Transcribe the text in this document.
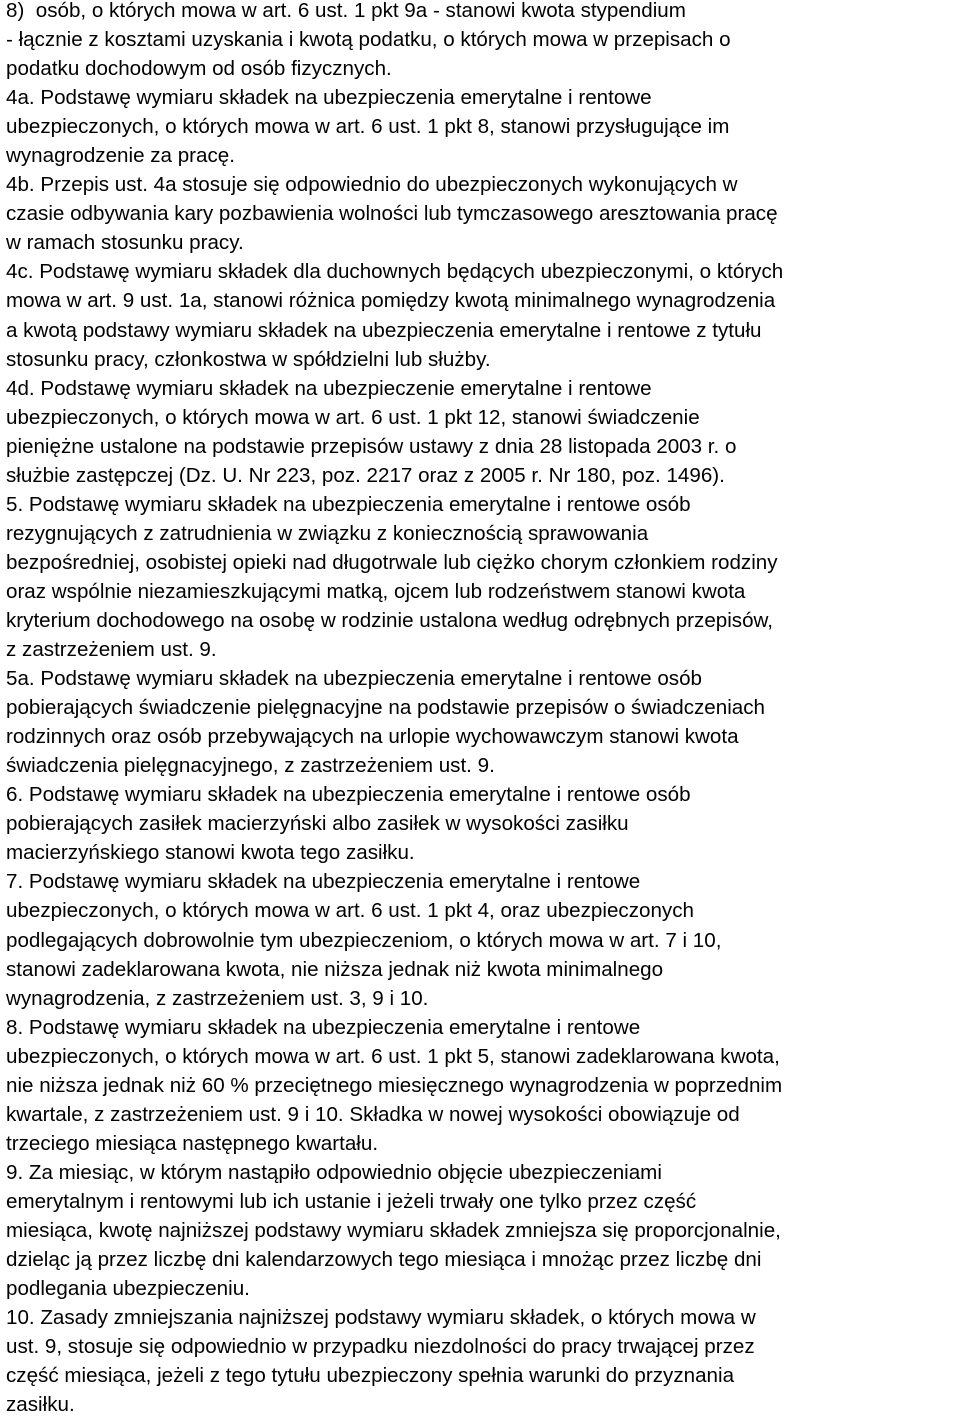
8)  osób, o których mowa w art. 6 ust. 1 pkt 9a - stanowi kwota stypendium
- łącznie z kosztami uzyskania i kwotą podatku, o których mowa w przepisach o
podatku dochodowym od osób fizycznych.
4a. Podstawę wymiaru składek na ubezpieczenia emerytalne i rentowe
ubezpieczonych, o których mowa w art. 6 ust. 1 pkt 8, stanowi przysługujące im
wynagrodzenie za pracę.
4b. Przepis ust. 4a stosuje się odpowiednio do ubezpieczonych wykonujących w
czasie odbywania kary pozbawienia wolności lub tymczasowego aresztowania pracę
w ramach stosunku pracy.
4c. Podstawę wymiaru składek dla duchownych będących ubezpieczonymi, o których
mowa w art. 9 ust. 1a, stanowi różnica pomiędzy kwotą minimalnego wynagrodzenia
a kwotą podstawy wymiaru składek na ubezpieczenia emerytalne i rentowe z tytułu
stosunku pracy, członkostwa w spółdzielni lub służby.
4d. Podstawę wymiaru składek na ubezpieczenie emerytalne i rentowe
ubezpieczonych, o których mowa w art. 6 ust. 1 pkt 12, stanowi świadczenie
pieniężne ustalone na podstawie przepisów ustawy z dnia 28 listopada 2003 r. o
służbie zastępczej (Dz. U. Nr 223, poz. 2217 oraz z 2005 r. Nr 180, poz. 1496).
5. Podstawę wymiaru składek na ubezpieczenia emerytalne i rentowe osób
rezygnujących z zatrudnienia w związku z koniecznością sprawowania
bezpośredniej, osobistej opieki nad długotrwale lub ciężko chorym członkiem rodziny
oraz wspólnie niezamieszkującymi matką, ojcem lub rodzeństwem stanowi kwota
kryterium dochodowego na osobę w rodzinie ustalona według odrębnych przepisów,
z zastrzeżeniem ust. 9.
5a. Podstawę wymiaru składek na ubezpieczenia emerytalne i rentowe osób
pobierających świadczenie pielęgnacyjne na podstawie przepisów o świadczeniach
rodzinnych oraz osób przebywających na urlopie wychowawczym stanowi kwota
świadczenia pielęgnacyjnego, z zastrzeżeniem ust. 9.
6. Podstawę wymiaru składek na ubezpieczenia emerytalne i rentowe osób
pobierających zasiłek macierzyński albo zasiłek w wysokości zasiłku
macierzyńskiego stanowi kwota tego zasiłku.
7. Podstawę wymiaru składek na ubezpieczenia emerytalne i rentowe
ubezpieczonych, o których mowa w art. 6 ust. 1 pkt 4, oraz ubezpieczonych
podlegających dobrowolnie tym ubezpieczeniom, o których mowa w art. 7 i 10,
stanowi zadeklarowana kwota, nie niższa jednak niż kwota minimalnego
wynagrodzenia, z zastrzeżeniem ust. 3, 9 i 10.
8. Podstawę wymiaru składek na ubezpieczenia emerytalne i rentowe
ubezpieczonych, o których mowa w art. 6 ust. 1 pkt 5, stanowi zadeklarowana kwota,
nie niższa jednak niż 60 % przeciętnego miesięcznego wynagrodzenia w poprzednim
kwartale, z zastrzeżeniem ust. 9 i 10. Składka w nowej wysokości obowiązuje od
trzeciego miesiąca następnego kwartału.
9. Za miesiąc, w którym nastąpiło odpowiednio objęcie ubezpieczeniami
emerytalnym i rentowymi lub ich ustanie i jeżeli trwały one tylko przez część
miesiąca, kwotę najniższej podstawy wymiaru składek zmniejsza się proporcjonalnie,
dzieląc ją przez liczbę dni kalendarzowych tego miesiąca i mnożąc przez liczbę dni
podlegania ubezpieczeniu.
10. Zasady zmniejszania najniższej podstawy wymiaru składek, o których mowa w
ust. 9, stosuje się odpowiednio w przypadku niezdolności do pracy trwającej przez
część miesiąca, jeżeli z tego tytułu ubezpieczony spełnia warunki do przyznania
zasiłku.
